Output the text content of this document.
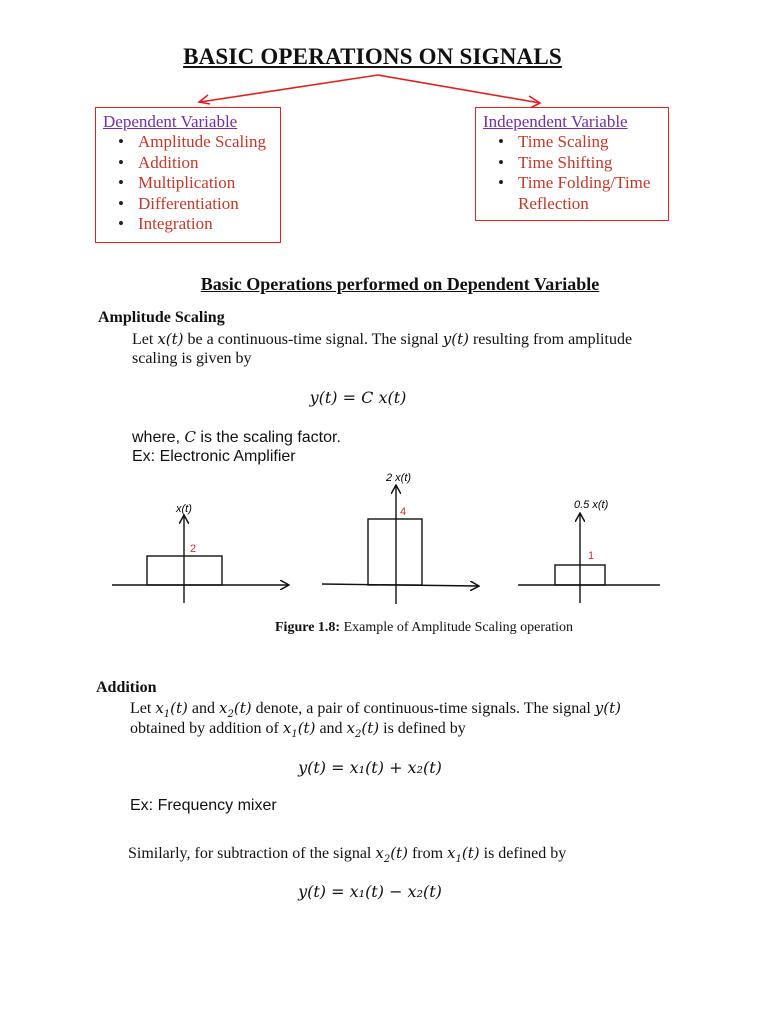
BASIC OPERATIONS ON SIGNALS
Dependent Variable
• Amplitude Scaling
• Addition
• Multiplication
• Differentiation
• Integration
Independent Variable
• Time Scaling
• Time Shifting
• Time Folding/Time
Reflection
Basic Operations performed on Dependent Variable
Amplitude Scaling
Let x(t) be a continuous-time signal. The signal y(t) resulting from amplitude
scaling is given by
y(t) = C x(t)
where, C is the scaling factor.
Ex: Electronic Amplifier
x(t)
2
2 x(t)
4
0.5 x(t)
1
Figure 1.8: Example of Amplitude Scaling operation
Addition
Let $x_1(t)$ and $x_2(t)$ denote, a pair of continuous-time signals. The signal y(t)
obtained by addition of $x_1(t)$ and $x_2(t)$ is defined by
y(t) = x₁(t) + x₂(t)
Ex: Frequency mixer
Similarly, for subtraction of the signal $x_2(t)$ from $x_1(t)$ is defined by
y(t) = x₁(t) − x₂(t)
